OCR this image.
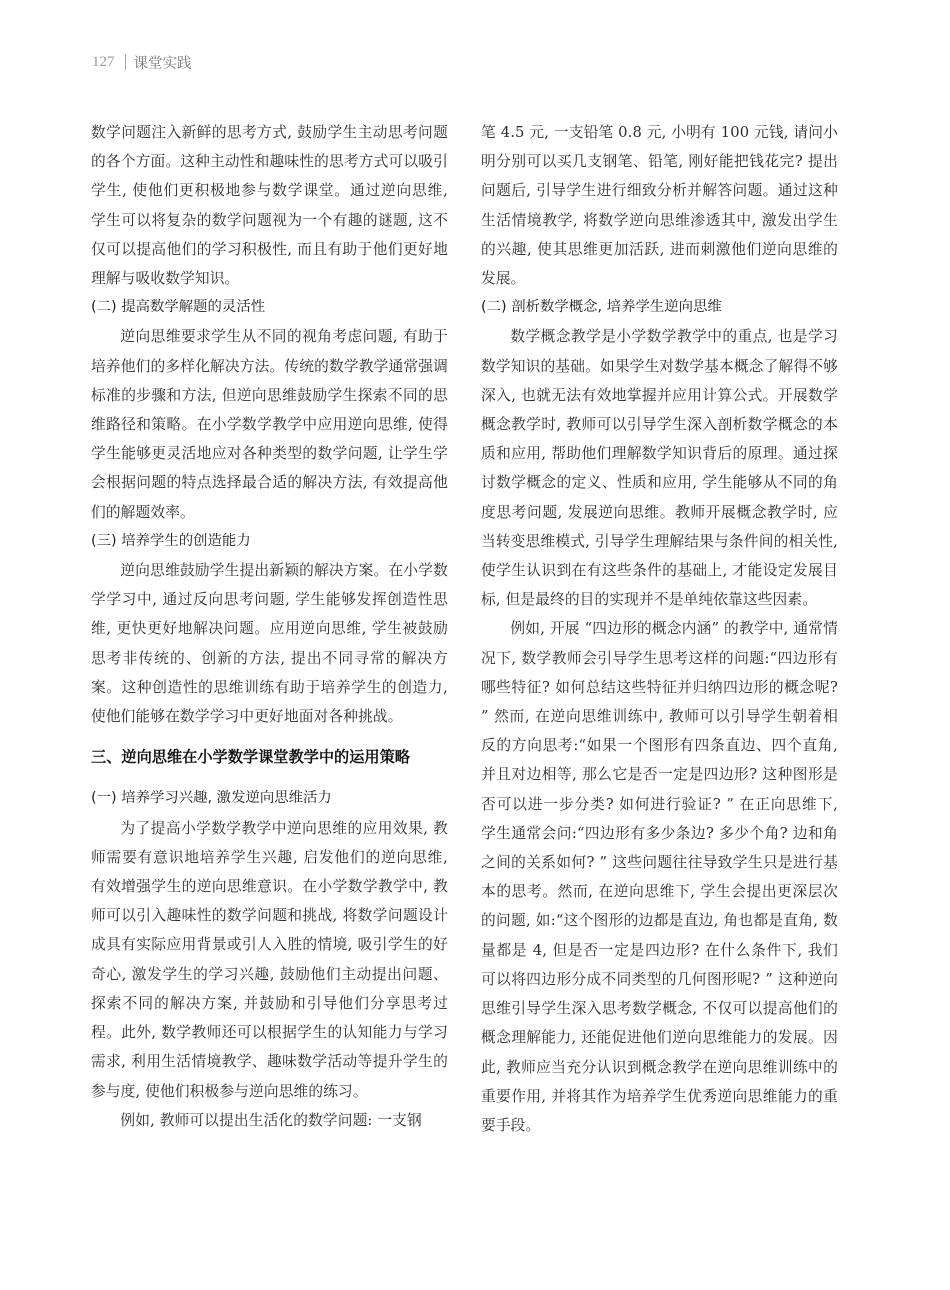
127 课堂实践

数学问题注入新鲜的思考方式, 鼓励学生主动思考问题的各个方面。这种主动性和趣味性的思考方式可以吸引学生, 使他们更积极地参与数学课堂。通过逆向思维, 学生可以将复杂的数学问题视为一个有趣的谜题, 这不仅可以提高他们的学习积极性, 而且有助于他们更好地理解与吸收数学知识。

(二) 提高数学解题的灵活性

逆向思维要求学生从不同的视角考虑问题, 有助于培养他们的多样化解决方法。传统的数学教学通常强调标准的步骤和方法, 但逆向思维鼓励学生探索不同的思维路径和策略。在小学数学教学中应用逆向思维, 使得学生能够更灵活地应对各种类型的数学问题, 让学生学会根据问题的特点选择最合适的解决方法, 有效提高他们的解题效率。

(三) 培养学生的创造能力

逆向思维鼓励学生提出新颖的解决方案。在小学数学学习中, 通过反向思考问题, 学生能够发挥创造性思维, 更快更好地解决问题。应用逆向思维, 学生被鼓励思考非传统的、创新的方法, 提出不同寻常的解决方案。这种创造性的思维训练有助于培养学生的创造力, 使他们能够在数学学习中更好地面对各种挑战。

三、逆向思维在小学数学课堂教学中的运用策略

(一) 培养学习兴趣, 激发逆向思维活力

为了提高小学数学教学中逆向思维的应用效果, 教师需要有意识地培养学生兴趣, 启发他们的逆向思维, 有效增强学生的逆向思维意识。在小学数学教学中, 教师可以引入趣味性的数学问题和挑战, 将数学问题设计成具有实际应用背景或引人入胜的情境, 吸引学生的好奇心, 激发学生的学习兴趣, 鼓励他们主动提出问题、探索不同的解决方案, 并鼓励和引导他们分享思考过程。此外, 数学教师还可以根据学生的认知能力与学习需求, 利用生活情境教学、趣味数学活动等提升学生的参与度, 使他们积极参与逆向思维的练习。

例如, 教师可以提出生活化的数学问题: 一支钢

笔 4.5 元, 一支铅笔 0.8 元, 小明有 100 元钱, 请问小明分别可以买几支钢笔、铅笔, 刚好能把钱花完? 提出问题后, 引导学生进行细致分析并解答问题。通过这种生活情境教学, 将数学逆向思维渗透其中, 激发出学生的兴趣, 使其思维更加活跃, 进而刺激他们逆向思维的发展。

(二) 剖析数学概念, 培养学生逆向思维

数学概念教学是小学数学教学中的重点, 也是学习数学知识的基础。如果学生对数学基本概念了解得不够深入, 也就无法有效地掌握并应用计算公式。开展数学概念教学时, 教师可以引导学生深入剖析数学概念的本质和应用, 帮助他们理解数学知识背后的原理。通过探讨数学概念的定义、性质和应用, 学生能够从不同的角度思考问题, 发展逆向思维。教师开展概念教学时, 应当转变思维模式, 引导学生理解结果与条件间的相关性, 使学生认识到在有这些条件的基础上, 才能设定发展目标, 但是最终的目的实现并不是单纯依靠这些因素。

例如, 开展 “四边形的概念内涵” 的教学中, 通常情况下, 数学教师会引导学生思考这样的问题:“四边形有哪些特征? 如何总结这些特征并归纳四边形的概念呢? ” 然而, 在逆向思维训练中, 教师可以引导学生朝着相反的方向思考:“如果一个图形有四条直边、四个直角, 并且对边相等, 那么它是否一定是四边形? 这种图形是否可以进一步分类? 如何进行验证? ” 在正向思维下, 学生通常会问:“四边形有多少条边? 多少个角? 边和角之间的关系如何? ” 这些问题往往导致学生只是进行基本的思考。然而, 在逆向思维下, 学生会提出更深层次的问题, 如:“这个图形的边都是直边, 角也都是直角, 数量都是 4, 但是否一定是四边形? 在什么条件下, 我们可以将四边形分成不同类型的几何图形呢? ” 这种逆向思维引导学生深入思考数学概念, 不仅可以提高他们的概念理解能力, 还能促进他们逆向思维能力的发展。因此, 教师应当充分认识到概念教学在逆向思维训练中的重要作用, 并将其作为培养学生优秀逆向思维能力的重要手段。
